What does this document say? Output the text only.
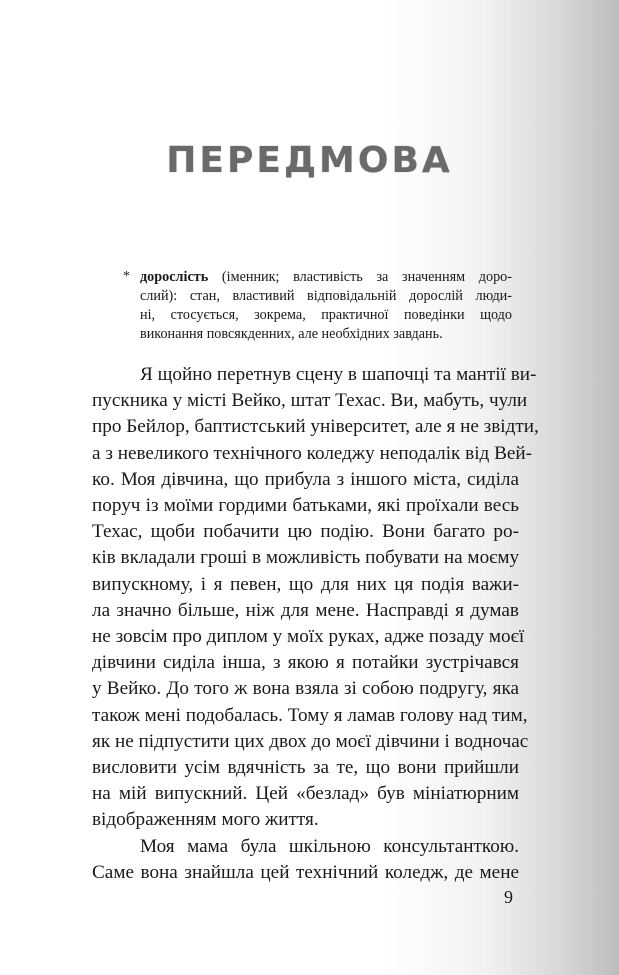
ПЕРЕДМОВА
* дорослість (іменник; властивість за значенням доро-
слий): стан, властивий відповідальній дорослій люди-
ні, стосується, зокрема, практичної поведінки щодо
виконання повсякденних, але необхідних завдань.
Я щойно перетнув сцену в шапочці та мантії ви-
пускника у місті Вейко, штат Техас. Ви, мабуть, чули
про Бейлор, баптистський університет, але я не звідти,
а з невеликого технічного коледжу неподалік від Вей-
ко. Моя дівчина, що прибула з іншого міста, сиділа
поруч із моїми гордими батьками, які проїхали весь
Техас, щоби побачити цю подію. Вони багато ро-
ків вкладали гроші в можливість побувати на моєму
випускному, і я певен, що для них ця подія важи-
ла значно більше, ніж для мене. Насправді я думав
не зовсім про диплом у моїх руках, адже позаду моєї
дівчини сиділа інша, з якою я потайки зустрічався
у Вейко. До того ж вона взяла зі собою подругу, яка
також мені подобалась. Тому я ламав голову над тим,
як не підпустити цих двох до моєї дівчини і водночас
висловити усім вдячність за те, що вони прийшли
на мій випускний. Цей «безлад» був мініатюрним
відображенням мого життя.
Моя мама була шкільною консультанткою.
Саме вона знайшла цей технічний коледж, де мене
9
